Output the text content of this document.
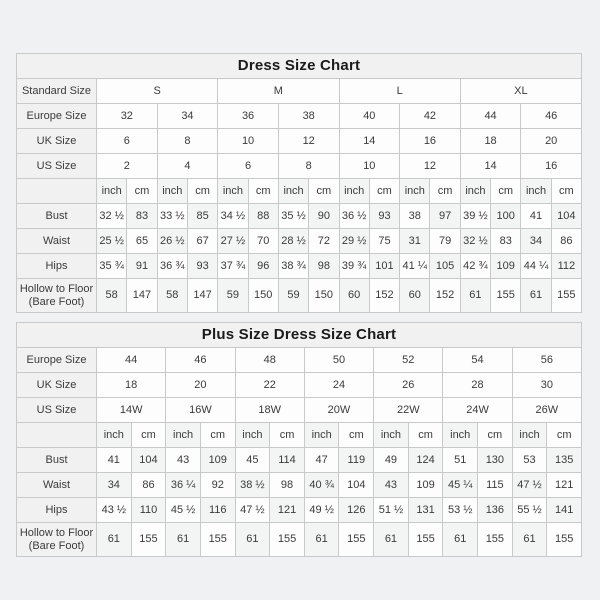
Dress Size Chart																
Standard Size	S				M				L				XL			
Europe Size	32		34		36		38		40		42		44		46	
UK Size	6		8		10		12		14		16		18		20	
US Size	2		4		6		8		10		12		14		16	
	inch	cm	inch	cm	inch	cm	inch	cm	inch	cm	inch	cm	inch	cm	inch	cm
Bust	32 ½	83	33 ½	85	34 ½	88	35 ½	90	36 ½	93	38	97	39 ½	100	41	104
Waist	25 ½	65	26 ½	67	27 ½	70	28 ½	72	29 ½	75	31	79	32 ½	83	34	86
Hips	35 ¾	91	36 ¾	93	37 ¾	96	38 ¾	98	39 ¾	101	41 ¼	105	42 ¾	109	44 ¼	112
Hollow to Floor
(Bare Foot)	58	147	58	147	59	150	59	150	60	152	60	152	61	155	61	155
Plus Size Dress Size Chart														
Europe Size	44		46		48		50		52		54		56	
UK Size	18		20		22		24		26		28		30	
US Size	14W		16W		18W		20W		22W		24W		26W	
	inch	cm	inch	cm	inch	cm	inch	cm	inch	cm	inch	cm	inch	cm
Bust	41	104	43	109	45	114	47	119	49	124	51	130	53	135
Waist	34	86	36 ¼	92	38 ½	98	40 ¾	104	43	109	45 ¼	115	47 ½	121
Hips	43 ½	110	45 ½	116	47 ½	121	49 ½	126	51 ½	131	53 ½	136	55 ½	141
Hollow to Floor
(Bare Foot)	61	155	61	155	61	155	61	155	61	155	61	155	61	155
